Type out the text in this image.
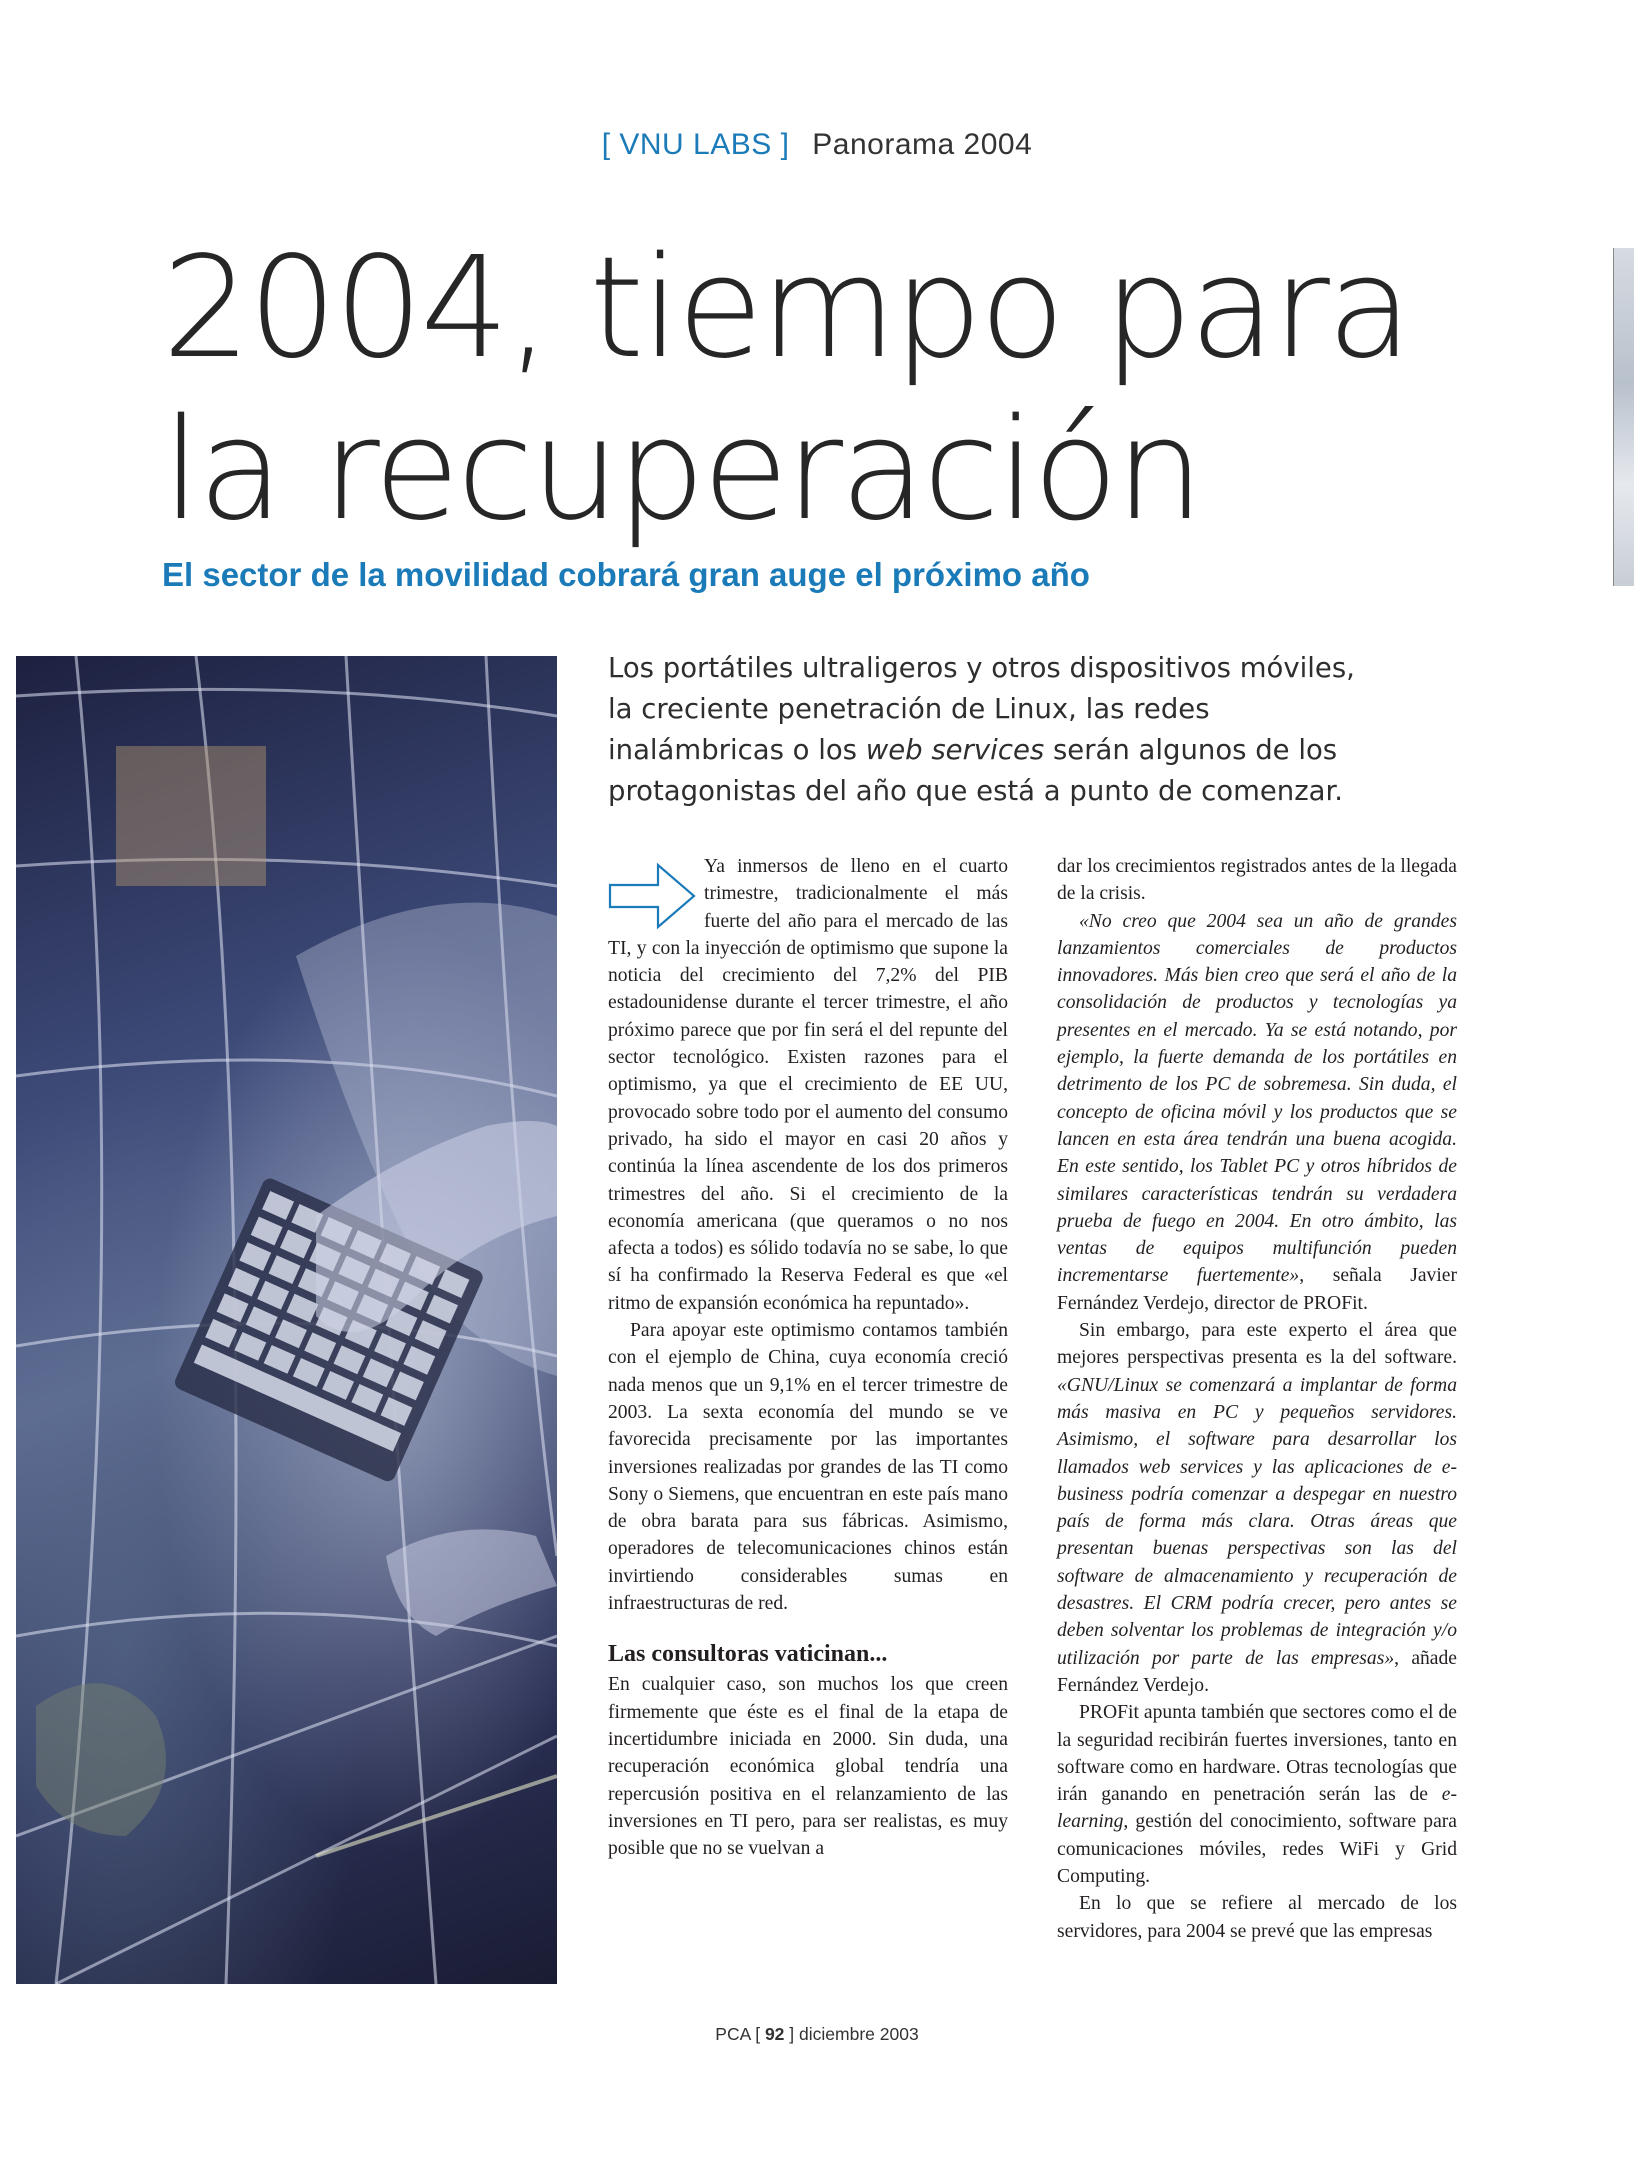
[ VNU LABS ] Panorama 2004
2004, tiempo para
la recuperación
El sector de la movilidad cobrará gran auge el próximo año

Los portátiles ultraligeros y otros dispositivos móviles, la creciente penetración de Linux, las redes inalámbricas o los web services serán algunos de los protagonistas del año que está a punto de comenzar.

Ya inmersos de lleno en el cuarto trimestre, tradicionalmente el más fuerte del año para el mercado de las TI, y con la inyección de optimismo que supone la noticia del crecimiento del 7,2% del PIB estadounidense durante el tercer trimestre, el año próximo parece que por fin será el del repunte del sector tecnológico. Existen razones para el optimismo, ya que el crecimiento de EE UU, provocado sobre todo por el aumento del consumo privado, ha sido el mayor en casi 20 años y continúa la línea ascendente de los dos primeros trimestres del año. Si el crecimiento de la economía americana (que queramos o no nos afecta a todos) es sólido todavía no se sabe, lo que sí ha confirmado la Reserva Federal es que «el ritmo de expansión económica ha repuntado».

Para apoyar este optimismo contamos también con el ejemplo de China, cuya economía creció nada menos que un 9,1% en el tercer trimestre de 2003. La sexta economía del mundo se ve favorecida precisamente por las importantes inversiones realizadas por grandes de las TI como Sony o Siemens, que encuentran en este país mano de obra barata para sus fábricas. Asimismo, operadores de telecomunicaciones chinos están invirtiendo considerables sumas en infraestructuras de red.

Las consultoras vaticinan...

En cualquier caso, son muchos los que creen firmemente que éste es el final de la etapa de incertidumbre iniciada en 2000. Sin duda, una recuperación económica global tendría una repercusión positiva en el relanzamiento de las inversiones en TI pero, para ser realistas, es muy posible que no se vuelvan a

dar los crecimientos registrados antes de la llegada de la crisis.

«No creo que 2004 sea un año de grandes lanzamientos comerciales de productos innovadores. Más bien creo que será el año de la consolidación de productos y tecnologías ya presentes en el mercado. Ya se está notando, por ejemplo, la fuerte demanda de los portátiles en detrimento de los PC de sobremesa. Sin duda, el concepto de oficina móvil y los productos que se lancen en esta área tendrán una buena acogida. En este sentido, los Tablet PC y otros híbridos de similares características tendrán su verdadera prueba de fuego en 2004. En otro ámbito, las ventas de equipos multifunción pueden incrementarse fuertemente», señala Javier Fernández Verdejo, director de PROFit.

Sin embargo, para este experto el área que mejores perspectivas presenta es la del software. «GNU/Linux se comenzará a implantar de forma más masiva en PC y pequeños servidores. Asimismo, el software para desarrollar los llamados web services y las aplicaciones de e-business podría comenzar a despegar en nuestro país de forma más clara. Otras áreas que presentan buenas perspectivas son las del software de almacenamiento y recuperación de desastres. El CRM podría crecer, pero antes se deben solventar los problemas de integración y/o utilización por parte de las empresas», añade Fernández Verdejo.

PROFit apunta también que sectores como el de la seguridad recibirán fuertes inversiones, tanto en software como en hardware. Otras tecnologías que irán ganando en penetración serán las de e-learning, gestión del conocimiento, software para comunicaciones móviles, redes WiFi y Grid Computing.

En lo que se refiere al mercado de los servidores, para 2004 se prevé que las empresas

PCA [ 92 ] diciembre 2003
